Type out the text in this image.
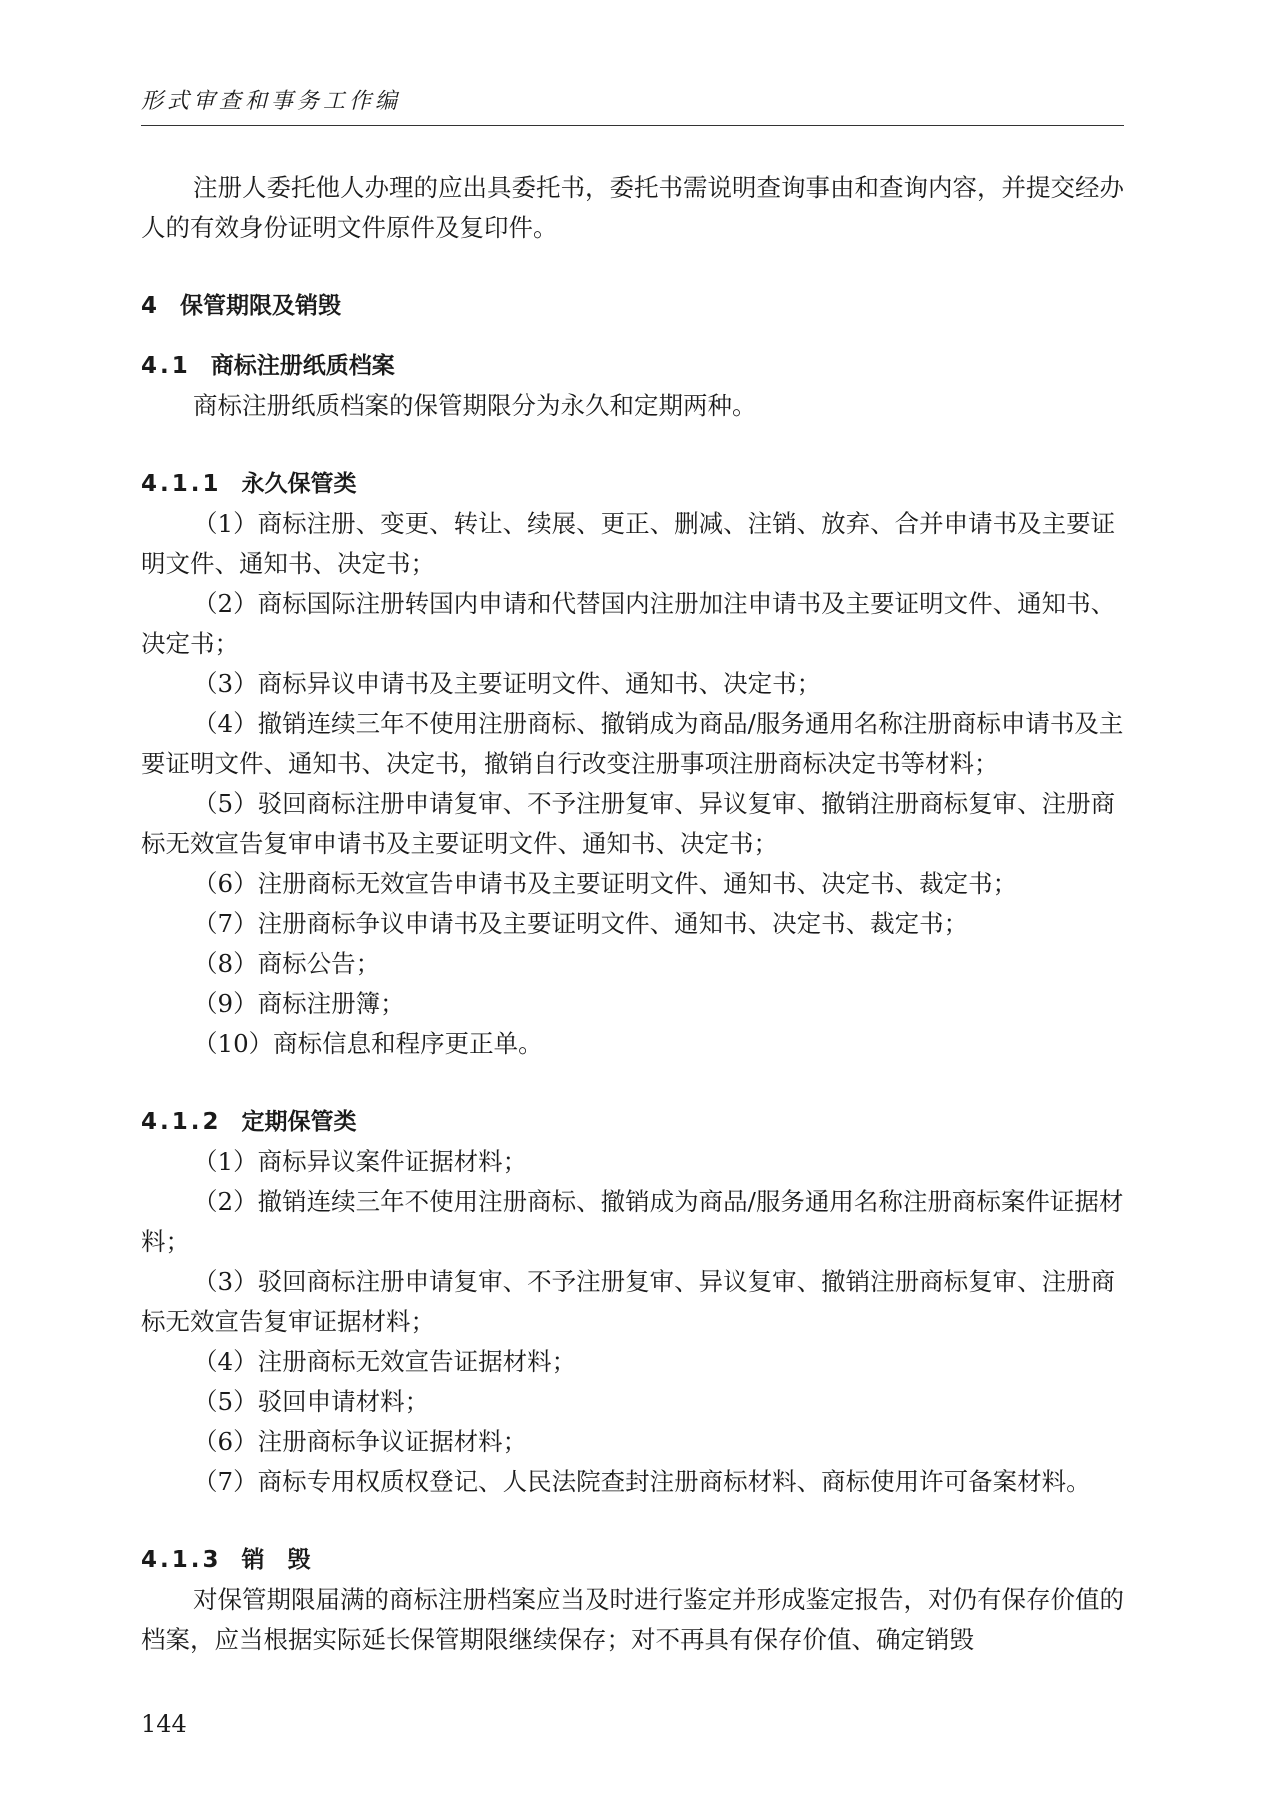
形式审查和事务工作编

注册人委托他人办理的应出具委托书，委托书需说明查询事由和查询内容，并提交经办人的有效身份证明文件原件及复印件。

4 保管期限及销毁
4.1 商标注册纸质档案

商标注册纸质档案的保管期限分为永久和定期两种。

4.1.1 永久保管类

（1）商标注册、变更、转让、续展、更正、删减、注销、放弃、合并申请书及主要证明文件、通知书、决定书；

（2）商标国际注册转国内申请和代替国内注册加注申请书及主要证明文件、通知书、决定书；

（3）商标异议申请书及主要证明文件、通知书、决定书；

（4）撤销连续三年不使用注册商标、撤销成为商品/服务通用名称注册商标申请书及主要证明文件、通知书、决定书，撤销自行改变注册事项注册商标决定书等材料；

（5）驳回商标注册申请复审、不予注册复审、异议复审、撤销注册商标复审、注册商标无效宣告复审申请书及主要证明文件、通知书、决定书；

（6）注册商标无效宣告申请书及主要证明文件、通知书、决定书、裁定书；

（7）注册商标争议申请书及主要证明文件、通知书、决定书、裁定书；

（8）商标公告；

（9）商标注册簿；

（10）商标信息和程序更正单。

4.1.2 定期保管类

（1）商标异议案件证据材料；

（2）撤销连续三年不使用注册商标、撤销成为商品/服务通用名称注册商标案件证据材料；

（3）驳回商标注册申请复审、不予注册复审、异议复审、撤销注册商标复审、注册商标无效宣告复审证据材料；

（4）注册商标无效宣告证据材料；

（5）驳回申请材料；

（6）注册商标争议证据材料；

（7）商标专用权质权登记、人民法院查封注册商标材料、商标使用许可备案材料。

4.1.3 销　毁

对保管期限届满的商标注册档案应当及时进行鉴定并形成鉴定报告，对仍有保存价值的档案，应当根据实际延长保管期限继续保存；对不再具有保存价值、确定销毁

144
